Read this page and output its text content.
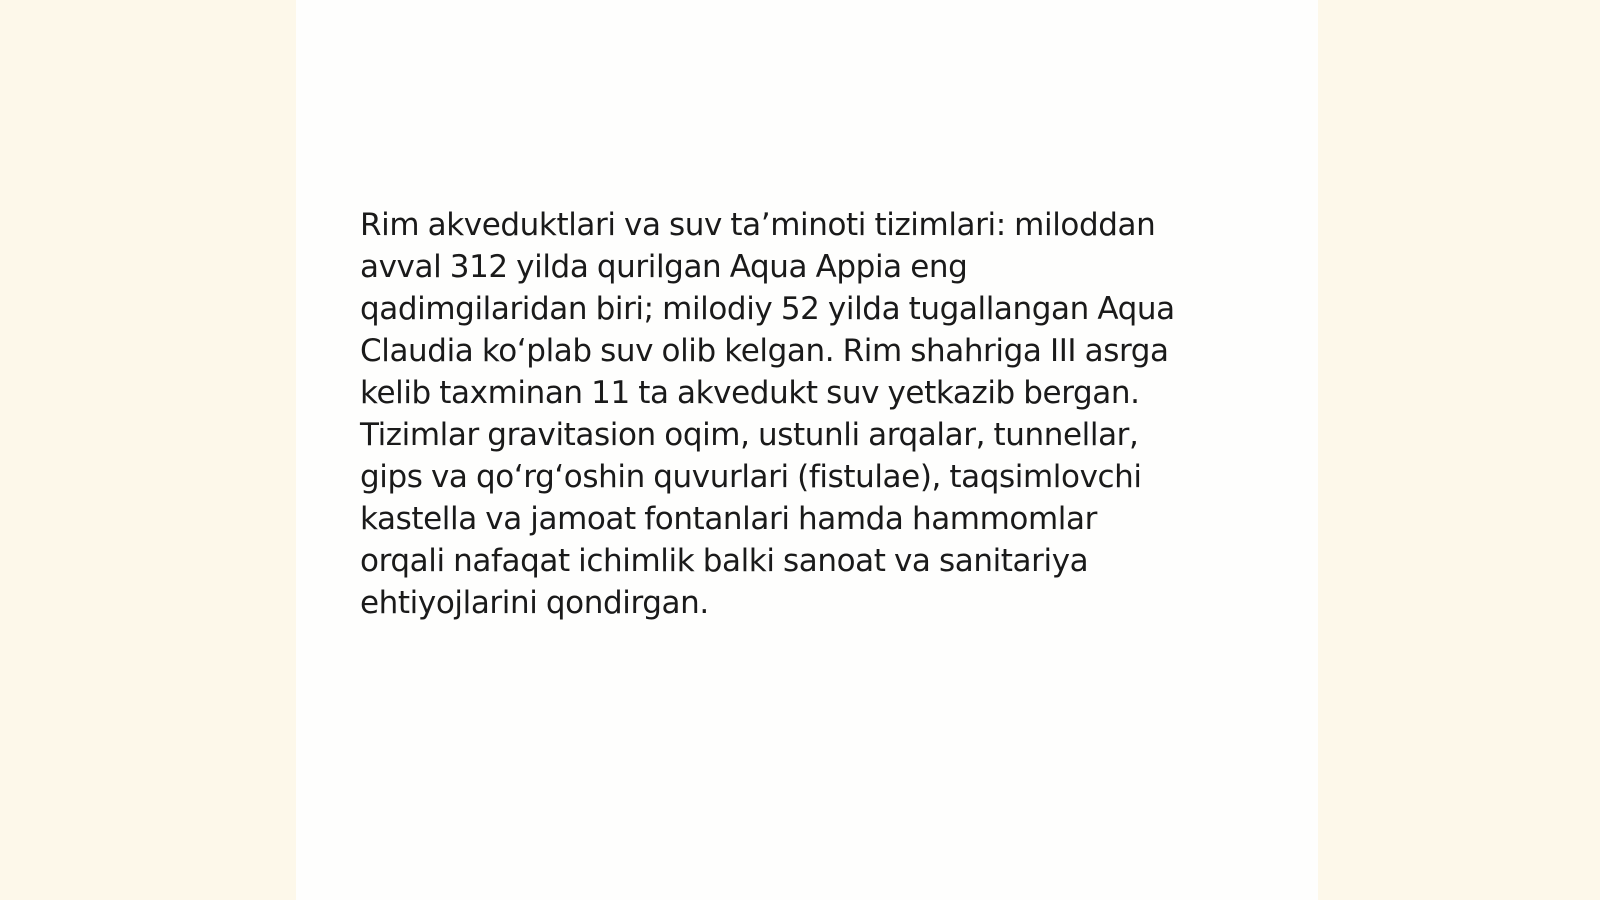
Rim akveduktlari va suv ta’minoti tizimlari: miloddan
avval 312 yilda qurilgan Aqua Appia eng
qadimgilaridan biri; milodiy 52 yilda tugallangan Aqua
Claudia ko‘plab suv olib kelgan. Rim shahriga III asrga
kelib taxminan 11 ta akvedukt suv yetkazib bergan.
Tizimlar gravitasion oqim, ustunli arqalar, tunnellar,
gips va qo‘rg‘oshin quvurlari (fistulae), taqsimlovchi
kastella va jamoat fontanlari hamda hammomlar
orqali nafaqat ichimlik balki sanoat va sanitariya
ehtiyojlarini qondirgan.
